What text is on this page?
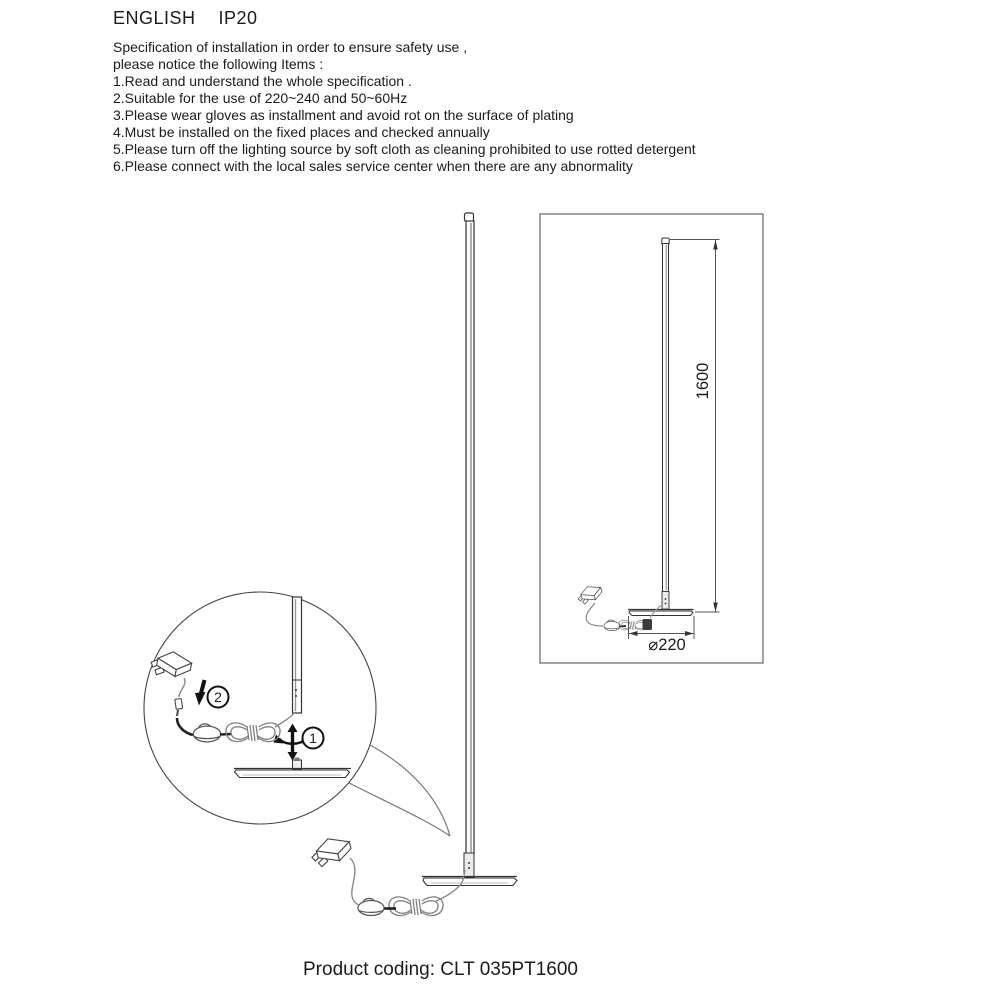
ENGLISH IP20
Specification of installation in order to ensure safety use ,
please notice the following Items :
1.Read and understand the whole specification .
2.Suitable for the use of 220~240 and 50~60Hz
3.Please wear gloves as installment and avoid rot on the surface of plating
4.Must be installed on the fixed places and checked annually
5.Please turn off the lighting source by soft cloth as cleaning prohibited to use rotted detergent
6.Please connect with the local sales service center when there are any abnormality
1600
⌀220
1
2
Product coding: CLT 035PT1600
